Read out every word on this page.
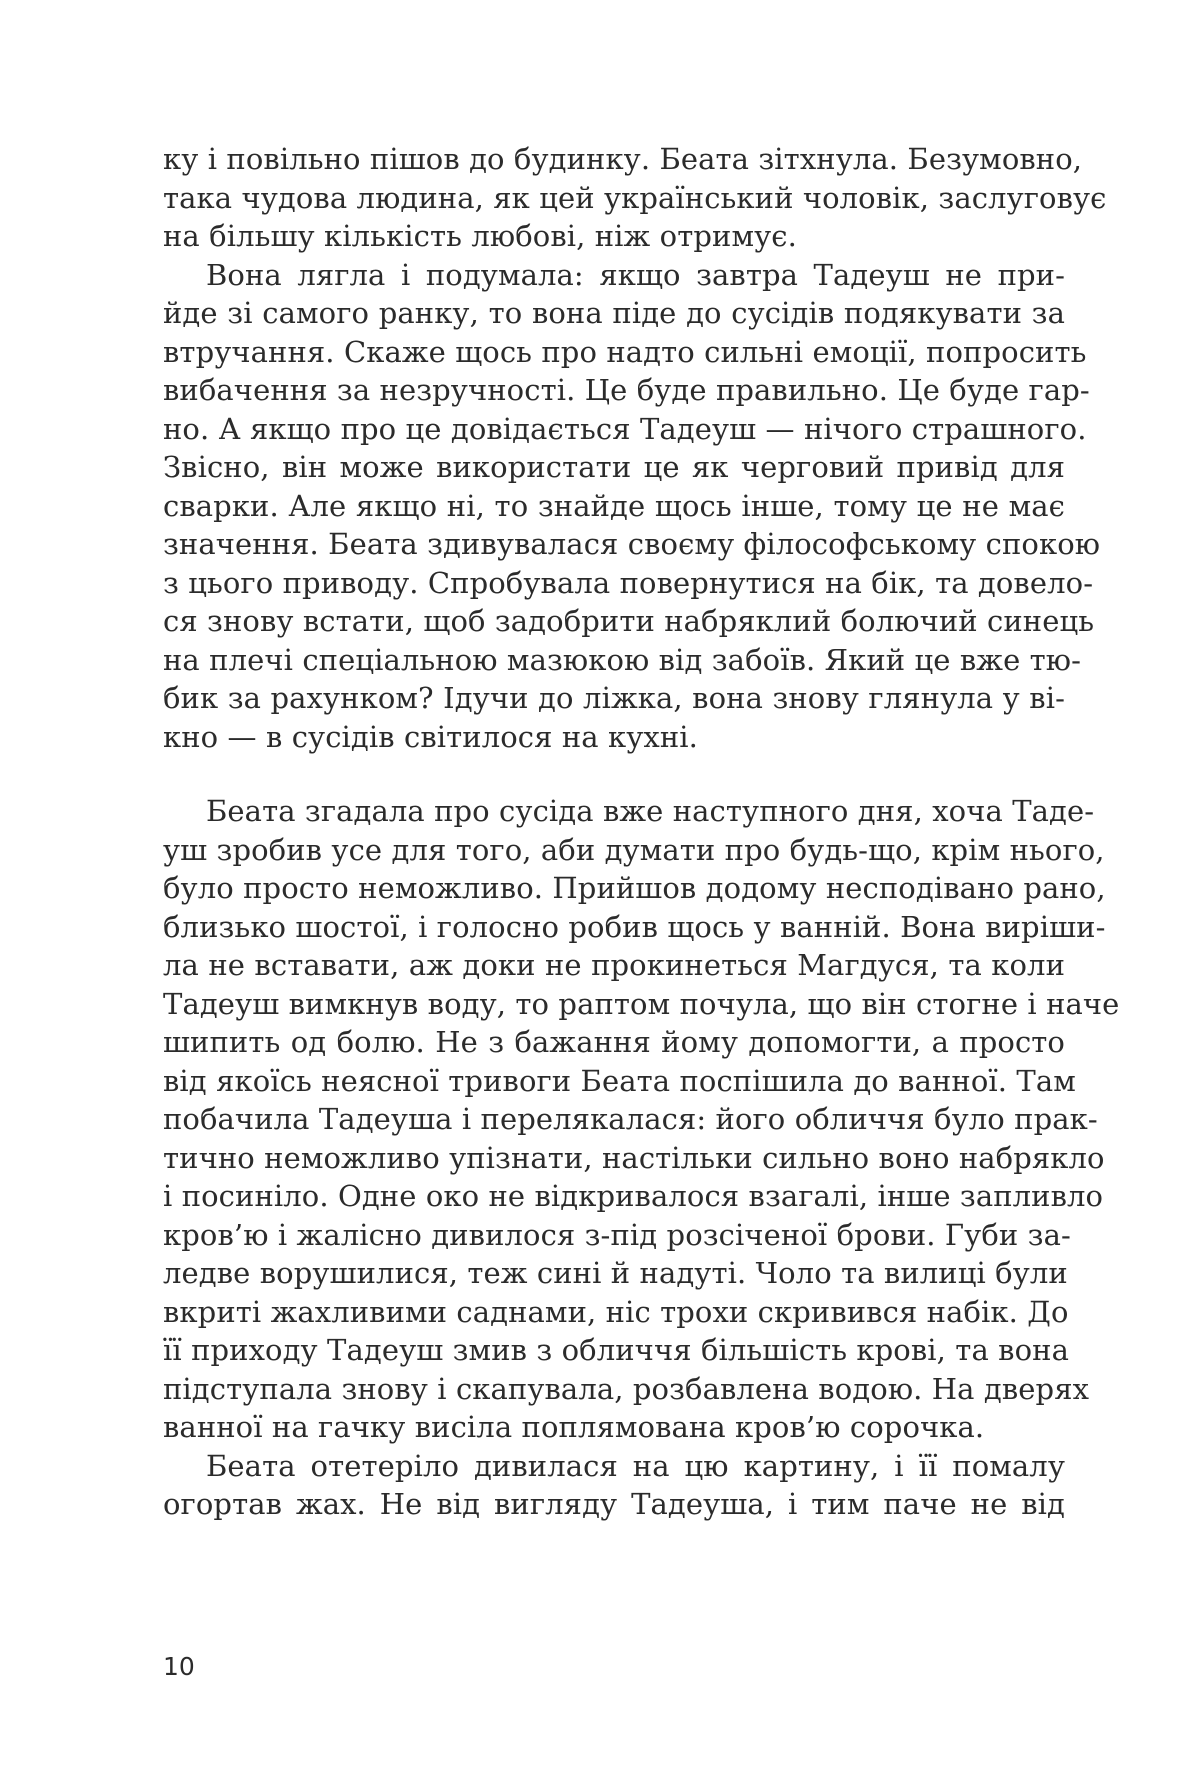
ку і повільно пішов до будинку. Беата зітхнула. Безумовно,
така чудова людина, як цей український чоловік, заслуговує
на більшу кількість любові, ніж отримує.
Вона лягла і подумала: якщо завтра Тадеуш не при-
йде зі самого ранку, то вона піде до сусідів подякувати за
втручання. Скаже щось про надто сильні емоції, попросить
вибачення за незручності. Це буде правильно. Це буде гар-
но. А якщо про це довідається Тадеуш — нічого страшного.
Звісно, він може використати це як черговий привід для
сварки. Але якщо ні, то знайде щось інше, тому це не має
значення. Беата здивувалася своєму філософському спокою
з цього приводу. Спробувала повернутися на бік, та довело-
ся знову встати, щоб задобрити набряклий болючий синець
на плечі спеціальною мазюкою від забоїв. Який це вже тю-
бик за рахунком? Ідучи до ліжка, вона знову глянула у ві-
кно — в сусідів світилося на кухні.
Беата згадала про сусіда вже наступного дня, хоча Таде-
уш зробив усе для того, аби думати про будь-що, крім нього,
було просто неможливо. Прийшов додому несподівано рано,
близько шостої, і голосно робив щось у ванній. Вона виріши-
ла не вставати, аж доки не прокинеться Магдуся, та коли
Тадеуш вимкнув воду, то раптом почула, що він стогне і наче
шипить од болю. Не з бажання йому допомогти, а просто
від якоїсь неясної тривоги Беата поспішила до ванної. Там
побачила Тадеуша і перелякалася: його обличчя було прак-
тично неможливо упізнати, настільки сильно воно набрякло
і посиніло. Одне око не відкривалося взагалі, інше запливло
кров’ю і жалісно дивилося з-під розсіченої брови. Губи за-
ледве ворушилися, теж сині й надуті. Чоло та вилиці були
вкриті жахливими саднами, ніс трохи скривився набік. До
її приходу Тадеуш змив з обличчя більшість крові, та вона
підступала знову і скапувала, розбавлена водою. На дверях
ванної на гачку висіла поплямована кров’ю сорочка.
Беата отетеріло дивилася на цю картину, і її помалу
огортав жах. Не від вигляду Тадеуша, і тим паче не від
10
